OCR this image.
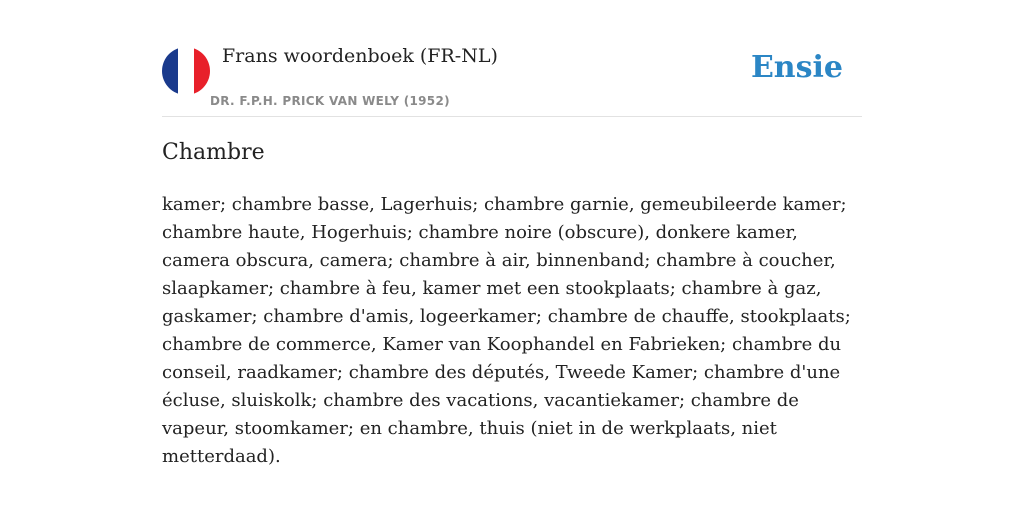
Frans woordenboek (FR-NL)
DR. F.P.H. PRICK VAN WELY (1952)
Ensie
Chambre

kamer; chambre basse, Lagerhuis; chambre garnie, gemeubileerde kamer; chambre haute, Hogerhuis; chambre noire (obscure), donkere kamer, camera obscura, camera; chambre à air, binnenband; chambre à coucher, slaapkamer; chambre à feu, kamer met een stookplaats; chambre à gaz, gaskamer; chambre d'amis, logeerkamer; chambre de chauffe, stookplaats; chambre de commerce, Kamer van Koophandel en Fabrieken; chambre du conseil, raadkamer; chambre des députés, Tweede Kamer; chambre d'une écluse, sluiskolk; chambre des vacations, vacantiekamer; chambre de vapeur, stoomkamer; en chambre, thuis (niet in de werkplaats, niet metterdaad).
